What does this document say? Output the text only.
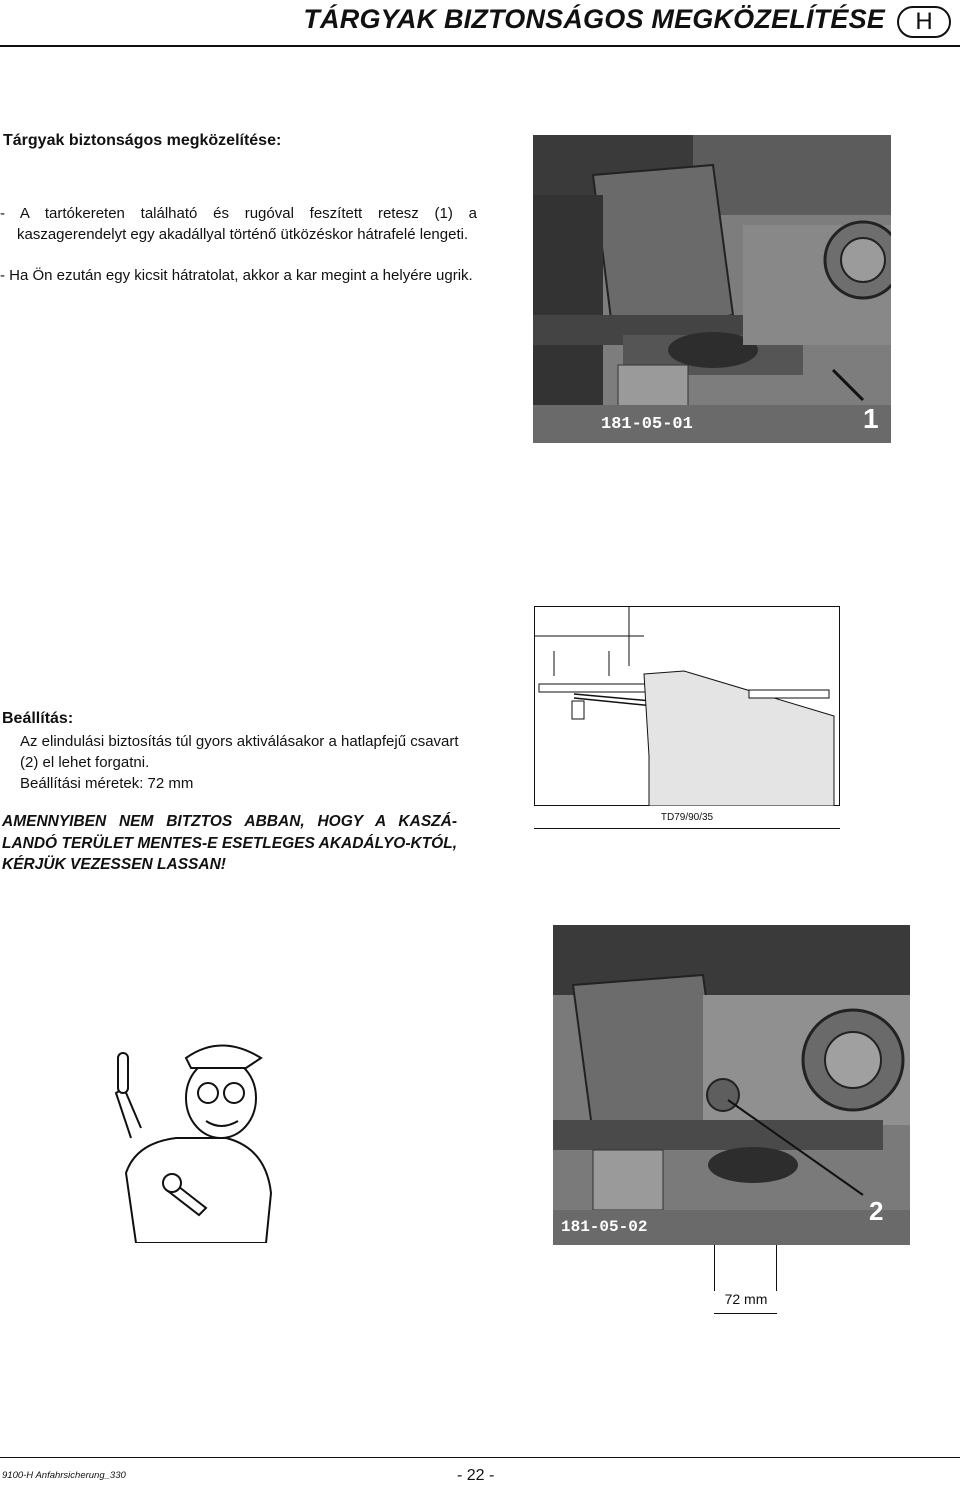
TÁRGYAK BIZTONSÁGOS MEGKÖZELÍTÉSE	H
Tárgyak biztonságos megközelítése:
- A tartókereten található és rugóval feszített retesz (1) a kaszagerendelyt egy akadállyal történő ütközéskor hátrafelé lengeti.
- Ha Ön ezután egy kicsit hátratolat, akkor a kar megint a helyére ugrik.
181-05-01	1
TD79/90/35
Beállítás:
Az elindulási biztosítás túl gyors aktiválásakor a hatlapfejű csavart (2) el lehet forgatni.
Beállítási méretek: 72 mm
AMENNYIBEN NEM BITZTOS ABBAN, HOGY A KASZÁ-LANDÓ TERÜLET MENTES-E ESETLEGES AKADÁLYO-KTÓL, KÉRJÜK VEZESSEN LASSAN!
181-05-02
2
72 mm
9100-H Anfahrsicherung_330	- 22 -
